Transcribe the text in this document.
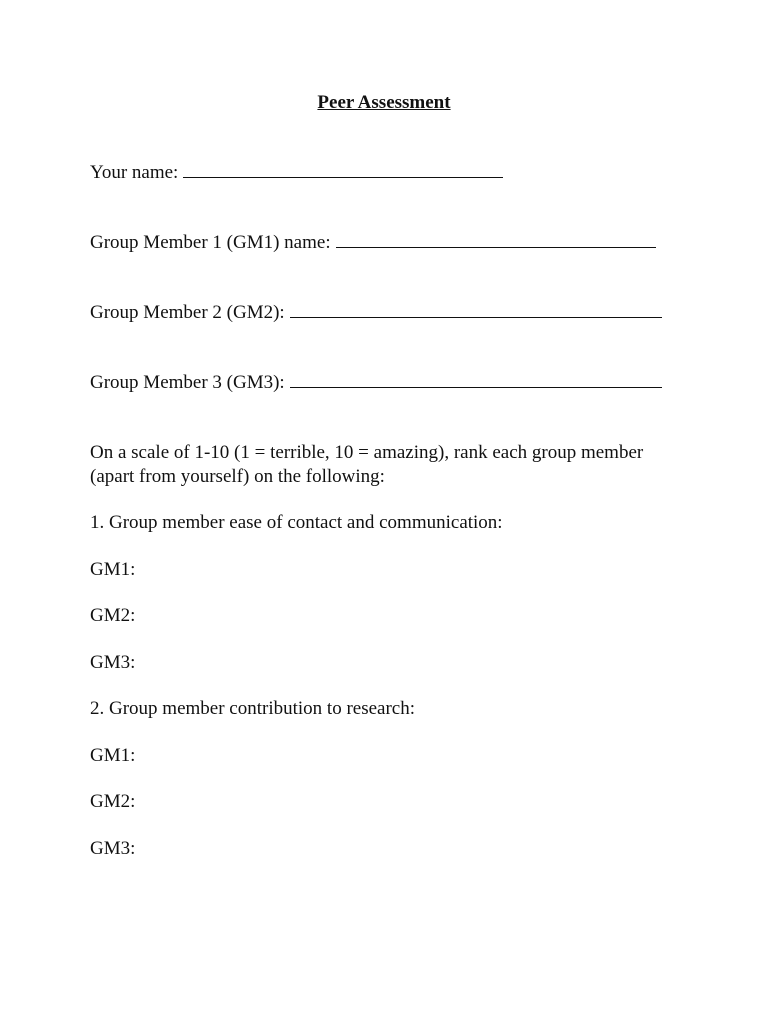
Peer Assessment
Your name:
Group Member 1 (GM1) name:
Group Member 2 (GM2):
Group Member 3 (GM3):
On a scale of 1-10 (1 = terrible, 10 = amazing), rank each group member (apart from yourself) on the following:
1. Group member ease of contact and communication:
GM1:
GM2:
GM3:
2. Group member contribution to research:
GM1:
GM2:
GM3:
